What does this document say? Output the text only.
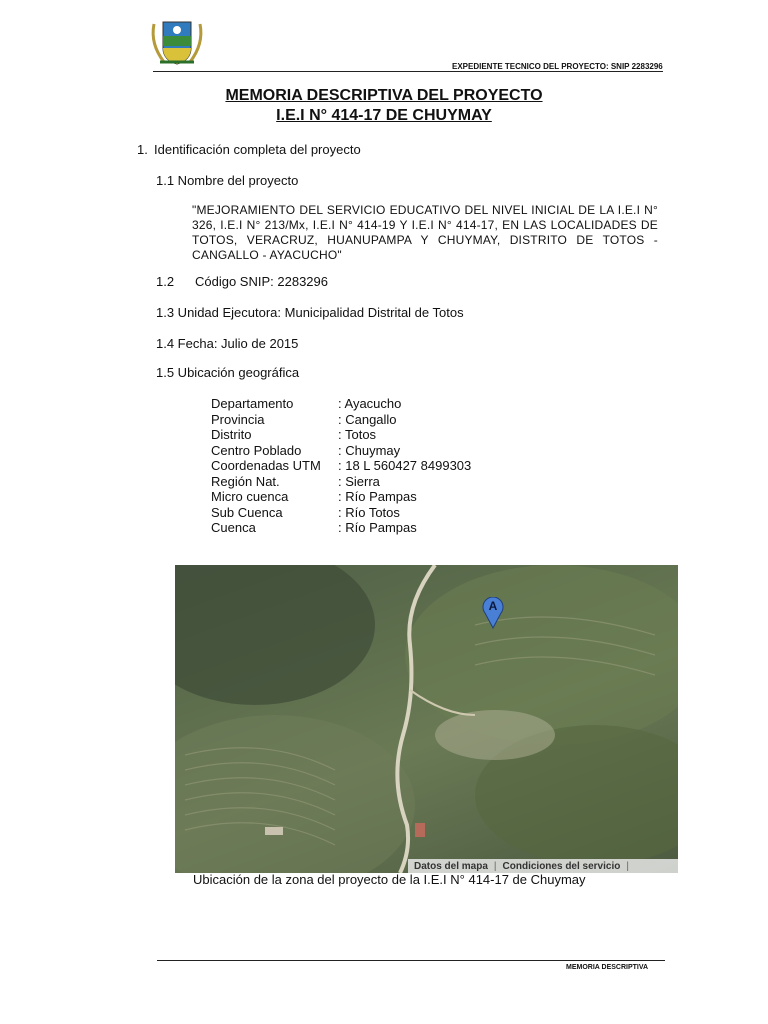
EXPEDIENTE TECNICO DEL PROYECTO: SNIP 2283296
MEMORIA DESCRIPTIVA DEL PROYECTO
I.E.I N° 414-17 DE CHUYMAY
1. Identificación completa del proyecto
1.1 Nombre del proyecto
"MEJORAMIENTO DEL SERVICIO EDUCATIVO DEL NIVEL INICIAL DE LA I.E.I N° 326, I.E.I N° 213/Mx, I.E.I N° 414-19 Y I.E.I N° 414-17, EN LAS LOCALIDADES DE TOTOS, VERACRUZ, HUANUPAMPA Y CHUYMAY, DISTRITO DE TOTOS - CANGALLO - AYACUCHO"
1.2 Código SNIP: 2283296
1.3 Unidad Ejecutora: Municipalidad Distrital de Totos
1.4 Fecha: Julio de 2015
1.5 Ubicación geográfica
Departamento	: Ayacucho
Provincia	: Cangallo
Distrito	: Totos
Centro Poblado	: Chuymay
Coordenadas UTM	: 18 L 560427 8499303
Región Nat.	: Sierra
Micro cuenca	: Río Pampas
Sub Cuenca	: Río Totos
Cuenca	: Río Pampas
A
Datos del mapa | Condiciones del servicio |
Ubicación de la zona del proyecto de la I.E.I N° 414-17 de Chuymay
MEMORIA DESCRIPTIVA
